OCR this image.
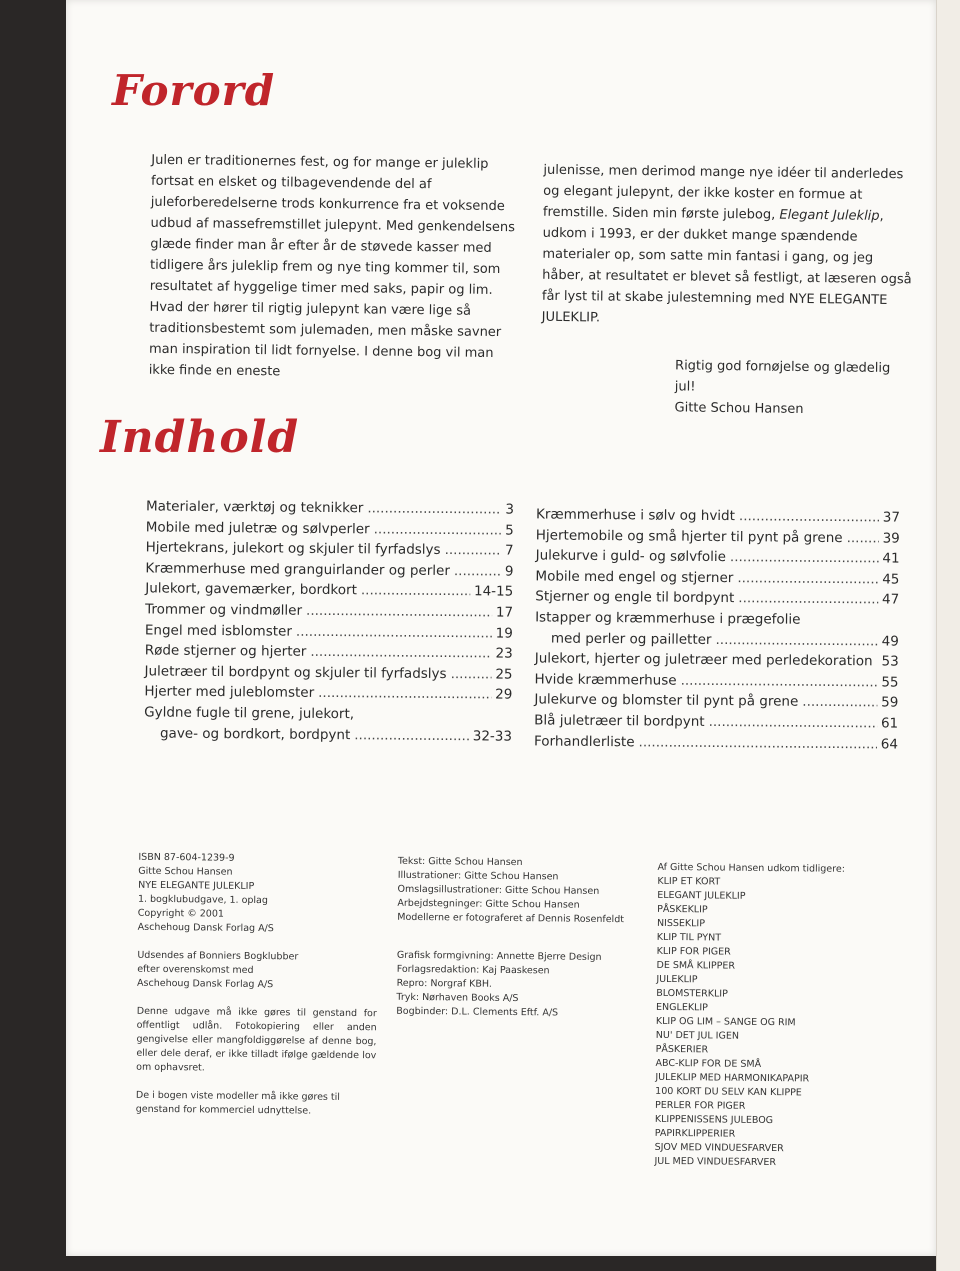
Forord

Julen er traditionernes fest, og for mange er juleklip fortsat en elsket og tilbagevendende del af juleforberedelserne trods konkurrence fra et voksende udbud af massefremstillet julepynt. Med genkendelsens glæde finder man år efter år de støvede kasser med tidligere års juleklip frem og nye ting kommer til, som resultatet af hyggelige timer med saks, papir og lim.

Hvad der hører til rigtig julepynt kan være lige så traditionsbestemt som julemaden, men måske savner man inspiration til lidt fornyelse. I denne bog vil man ikke finde en eneste

julenisse, men derimod mange nye idéer til anderledes og elegant julepynt, der ikke koster en formue at fremstille. Siden min første julebog, Elegant Juleklip, udkom i 1993, er der dukket mange spændende materialer op, som satte min fantasi i gang, og jeg håber, at resultatet er blevet så festligt, at læseren også får lyst til at skabe julestemning med NYE ELEGANTE JULEKLIP.

Rigtig god fornøjelse og glædelig jul!
Gitte Schou Hansen

Indhold
Materialer, værktøj og teknikker .....	3
Mobile med juletræ og sølvperler .....	5
Hjertekrans, julekort og skjuler til fyrfadslys .....	7
Kræmmerhuse med granguirlander og perler .....	9
Julekort, gavemærker, bordkort .....	14-15
Trommer og vindmøller .....	17
Engel med isblomster .....	19
Røde stjerner og hjerter .....	23
Juletræer til bordpynt og skjuler til fyrfadslys .....	25
Hjerter med juleblomster .....	29
Gyldne fugle til grene, julekort,
gave- og bordkort, bordpynt .....	32-33
Kræmmerhuse i sølv og hvidt .....	37
Hjertemobile og små hjerter til pynt på grene .....	39
Julekurve i guld- og sølvfolie .....	41
Mobile med engel og stjerner .....	45
Stjerner og engle til bordpynt .....	47
Istapper og kræmmerhuse i prægefolie
med perler og pailletter .....	49
Julekort, hjerter og juletræer med perledekoration ..... 53
Hvide kræmmerhuse .....	55
Julekurve og blomster til pynt på grene .....	59
Blå juletræer til bordpynt .....	61
Forhandlerliste .....	64
ISBN 87-604-1239-9
Gitte Schou Hansen
NYE ELEGANTE JULEKLIP
1. bogklubudgave, 1. oplag
Copyright © 2001
Aschehoug Dansk Forlag A/S
Udsendes af Bonniers Bogklubber
efter overenskomst med
Aschehoug Dansk Forlag A/S
Denne udgave må ikke gøres til genstand for offentligt udlån. Fotokopiering eller anden gengivelse eller mangfoldiggørelse af denne bog, eller dele deraf, er ikke tilladt ifølge gældende lov om ophavsret.
De i bogen viste modeller må ikke gøres til genstand for kommerciel udnyttelse.
Tekst: Gitte Schou Hansen
Illustrationer: Gitte Schou Hansen
Omslagsillustrationer: Gitte Schou Hansen
Arbejdstegninger: Gitte Schou Hansen
Modellerne er fotograferet af Dennis Rosenfeldt
Grafisk formgivning: Annette Bjerre Design
Forlagsredaktion: Kaj Paaskesen
Repro: Norgraf KBH.
Tryk: Nørhaven Books A/S
Bogbinder: D.L. Clements Eftf. A/S
Af Gitte Schou Hansen udkom tidligere:
KLIP ET KORT
ELEGANT JULEKLIP
PÅSKEKLIP
NISSEKLIP
KLIP TIL PYNT
KLIP FOR PIGER
DE SMÅ KLIPPER
JULEKLIP
BLOMSTERKLIP
ENGLEKLIP
KLIP OG LIM – SANGE OG RIM
NU' DET JUL IGEN
PÅSKERIER
ABC-KLIP FOR DE SMÅ
JULEKLIP MED HARMONIKAPAPIR
100 KORT DU SELV KAN KLIPPE
PERLER FOR PIGER
KLIPPENISSENS JULEBOG
PAPIRKLIPPERIER
SJOV MED VINDUESFARVER
JUL MED VINDUESFARVER
